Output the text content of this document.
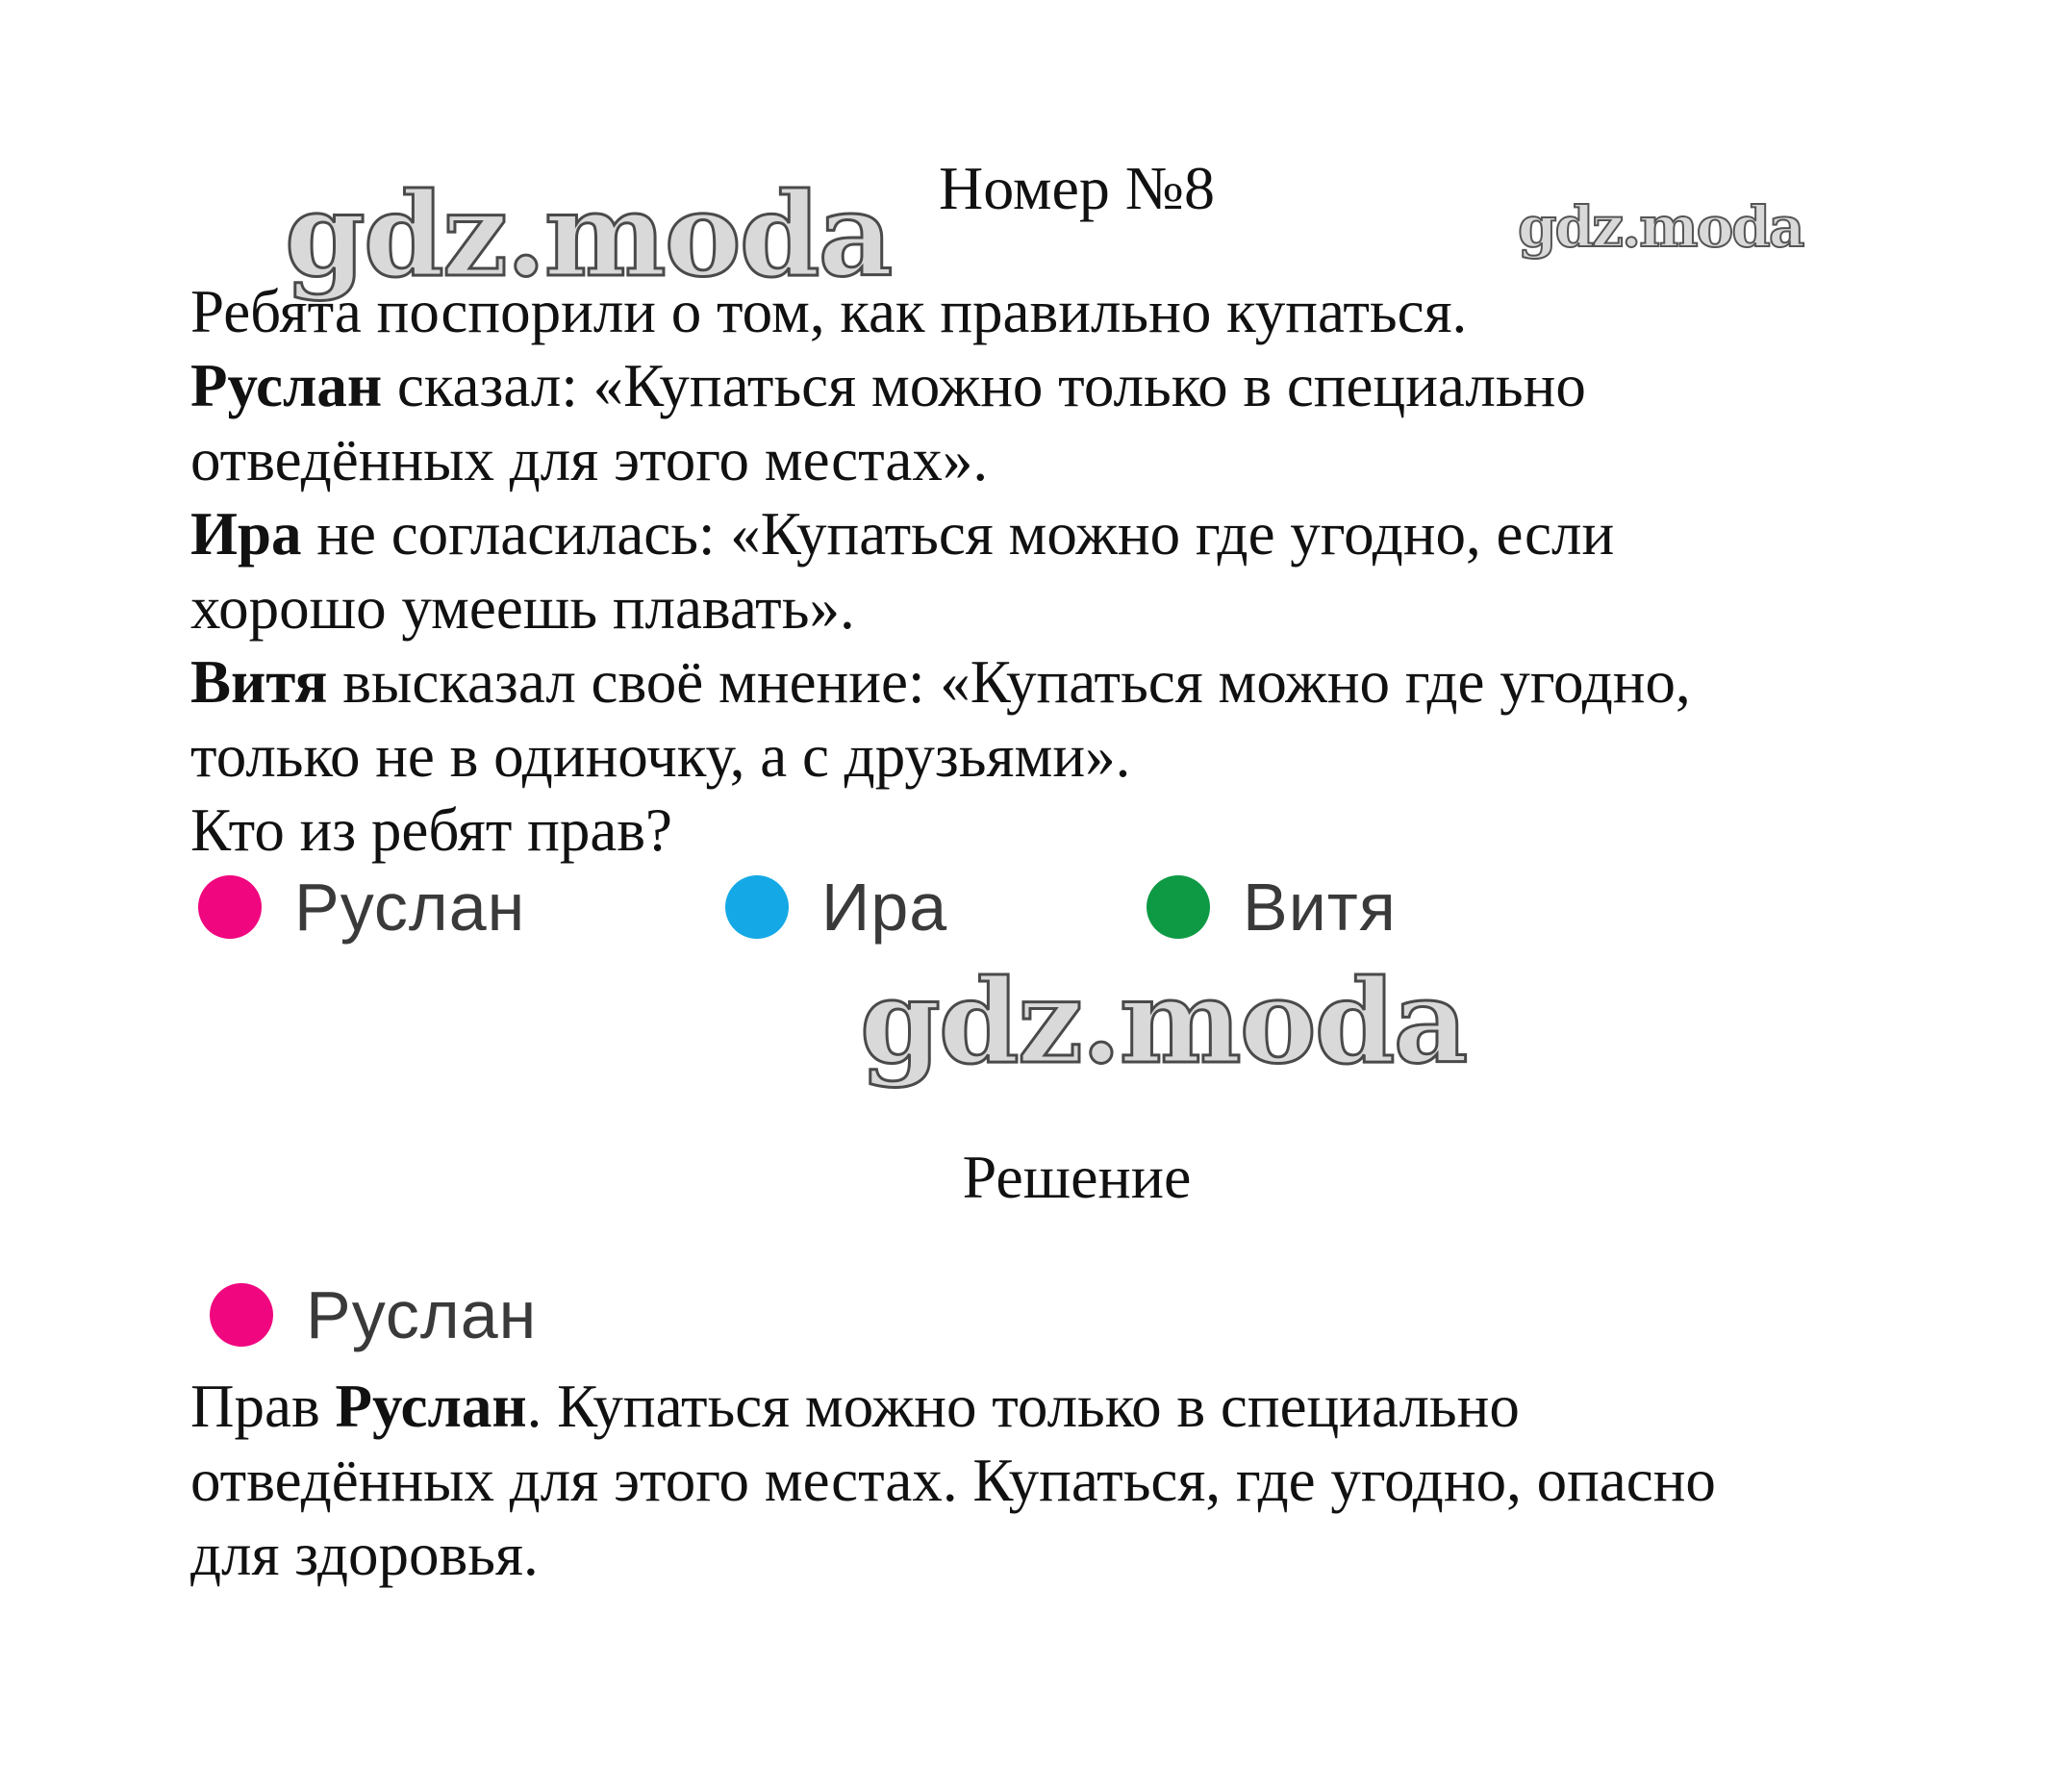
gdz.moda	gdz.moda
Номер №8

Ребята поспорили о том, как правильно купаться.

Руслан сказал: «Купаться можно только в специально

отведённых для этого местах».

Ира не согласилась: «Купаться можно где угодно, если

хорошо умеешь плавать».

Витя высказал своё мнение: «Купаться можно где угодно,

только не в одиночку, а с друзьями».

Кто из ребят прав?

Руслан	Ира	Витя
gdz.moda
Решение
Руслан

Прав Руслан. Купаться можно только в специально

отведённых для этого местах. Купаться, где угодно, опасно

для здоровья.
